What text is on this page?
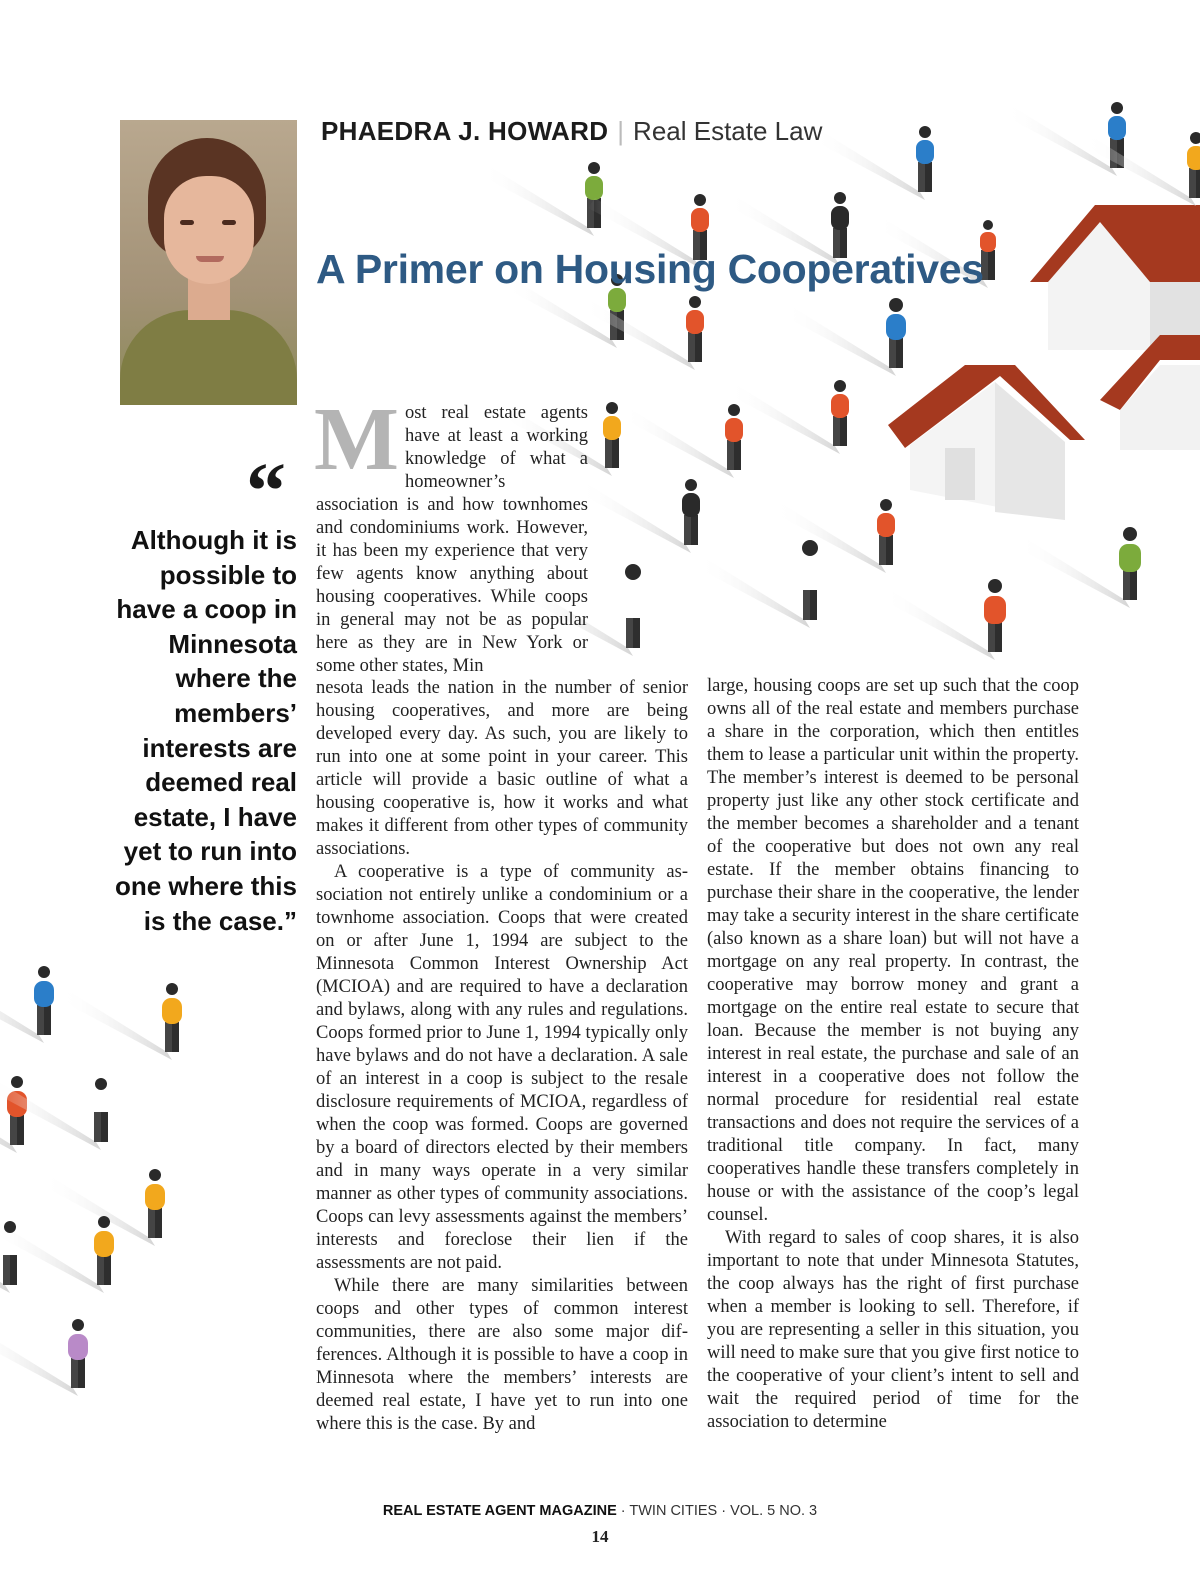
PHAEDRA J. HOWARD | Real Estate Law
A Primer on Housing Cooperatives
“
Although it is possible to have a coop in Minnesota where the members’ interests are deemed real estate, I have yet to run into one where this is the case.”
Most real estate agents have at least a working knowledge of what a homeowner’s association is and how townhomes and condominiums work. However, it has been my experience that very few agents know anything about housing cooperatives. While coops in general may not be as popular here as they are in New York or some other states, Min

nesota leads the nation in the number of senior housing cooperatives, and more are being developed every day. As such, you are likely to run into one at some point in your career. This article will provide a basic outline of what a housing cooperative is, how it works and what makes it different from other types of community associations.

A cooperative is a type of community association not entirely unlike a condominium or a townhome association. Coops that were created on or after June 1, 1994 are subject to the Minnesota Common Interest Ownership Act (MCIOA) and are required to have a declaration and bylaws, along with any rules and regulations. Coops formed prior to June 1, 1994 typically only have bylaws and do not have a declaration. A sale of an interest in a coop is subject to the resale disclosure requirements of MCIOA, regardless of when the coop was formed. Coops are governed by a board of directors elected by their members and in many ways operate in a very similar manner as other types of community associations. Coops can levy assessments against the members’ interests and foreclose their lien if the assessments are not paid.

While there are many similarities between coops and other types of common interest communities, there are also some major differences. Although it is possible to have a coop in Minnesota where the members’ interests are deemed real estate, I have yet to run into one where this is the case. By and

large, housing coops are set up such that the coop owns all of the real estate and members purchase a share in the corporation, which then entitles them to lease a particular unit within the property. The member’s interest is deemed to be personal property just like any other stock certificate and the member becomes a shareholder and a tenant of the cooperative but does not own any real estate. If the member obtains financing to purchase their share in the cooperative, the lender may take a security interest in the share certificate (also known as a share loan) but will not have a mortgage on any real property. In contrast, the cooperative may borrow money and grant a mortgage on the entire real estate to secure that loan. Because the member is not buying any interest in real estate, the purchase and sale of an interest in a cooperative does not follow the normal procedure for residential real estate transactions and does not require the services of a traditional title company. In fact, many cooperatives handle these transfers completely in house or with the assistance of the coop’s legal counsel.

With regard to sales of coop shares, it is also important to note that under Minnesota Statutes, the coop always has the right of first purchase when a member is looking to sell. Therefore, if you are representing a seller in this situation, you will need to make sure that you give first notice to the cooperative of your client’s intent to sell and wait the required period of time for the association to determine

REAL ESTATE AGENT MAGAZINE · TWIN CITIES · VOL. 5 NO. 3
14
